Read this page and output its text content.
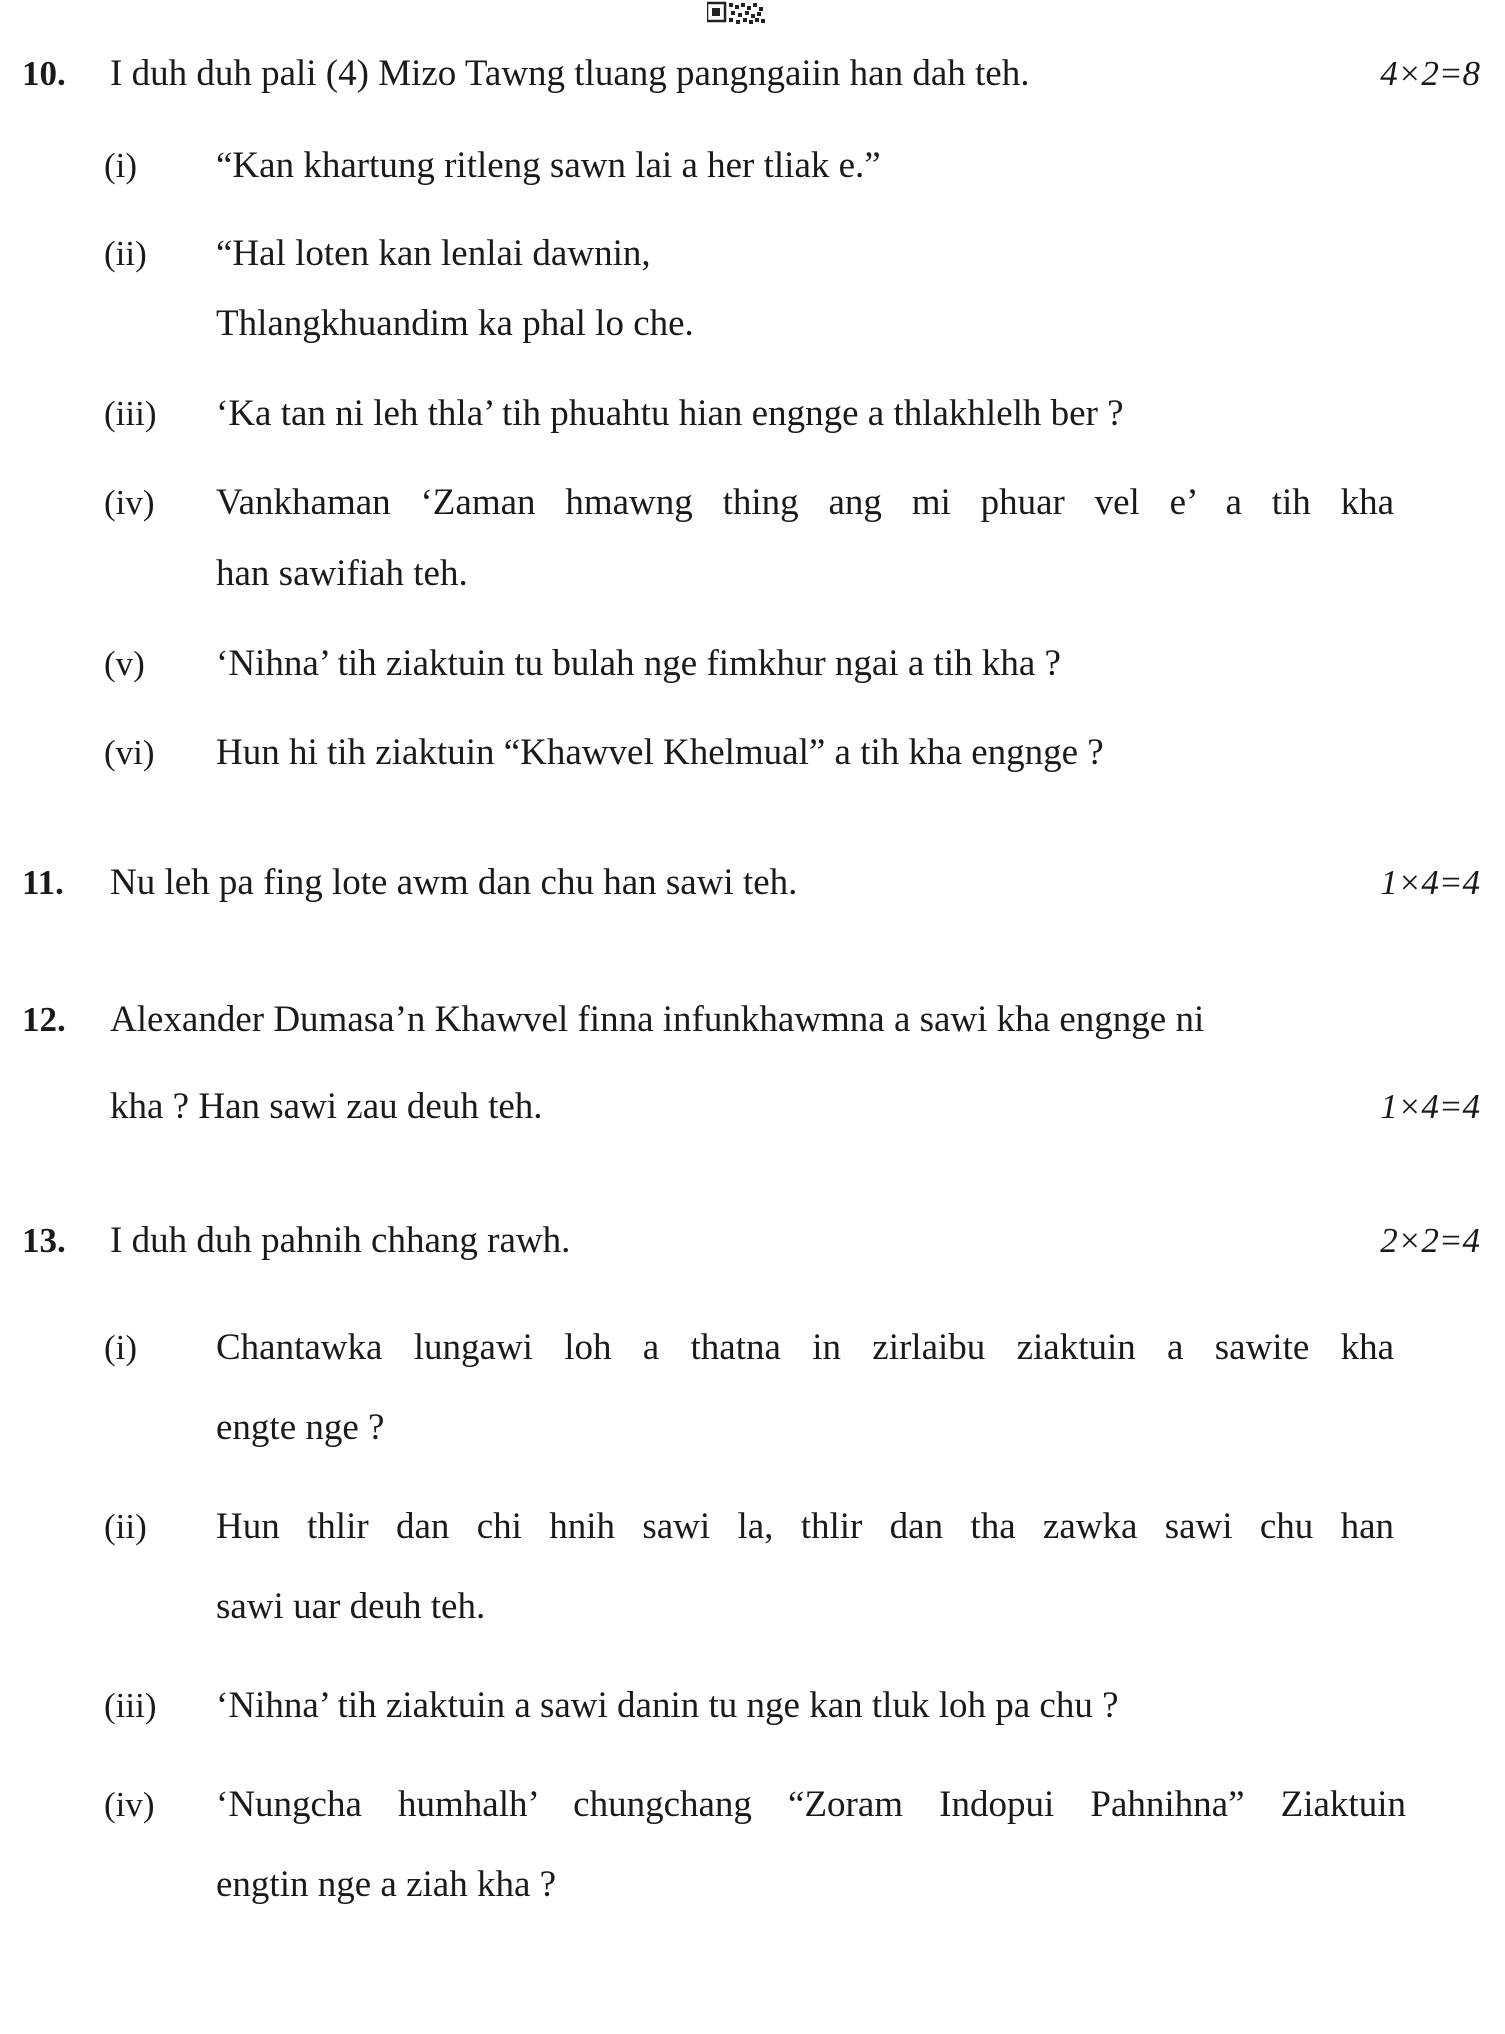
10. I duh duh pali (4) Mizo Tawng tluang pangngaiin han dah teh.	4×2=8
(i) “Kan khartung ritleng sawn lai a her tliak e.”
(ii) “Hal loten kan lenlai dawnin,
Thlangkhuandim ka phal lo che.
(iii) ‘Ka tan ni leh thla’ tih phuahtu hian engnge a thlakhlelh ber ?
(iv) Vankhaman ‘Zaman hmawng thing ang mi phuar vel e’ a tih kha
han sawifiah teh.
(v) ‘Nihna’ tih ziaktuin tu bulah nge fimkhur ngai a tih kha ?
(vi) Hun hi tih ziaktuin “Khawvel Khelmual” a tih kha engnge ?
11. Nu leh pa fing lote awm dan chu han sawi teh.	1×4=4
12. Alexander Dumasa’n Khawvel finna infunkhawmna a sawi kha engnge ni
kha ? Han sawi zau deuh teh.	1×4=4
13. I duh duh pahnih chhang rawh.	2×2=4
(i) Chantawka lungawi loh a thatna in zirlaibu ziaktuin a sawite kha
engte nge ?
(ii) Hun thlir dan chi hnih sawi la, thlir dan tha zawka sawi chu han
sawi uar deuh teh.
(iii) ‘Nihna’ tih ziaktuin a sawi danin tu nge kan tluk loh pa chu ?
(iv) ‘Nungcha humhalh’ chungchang “Zoram Indopui Pahnihna” Ziaktuin
engtin nge a ziah kha ?
